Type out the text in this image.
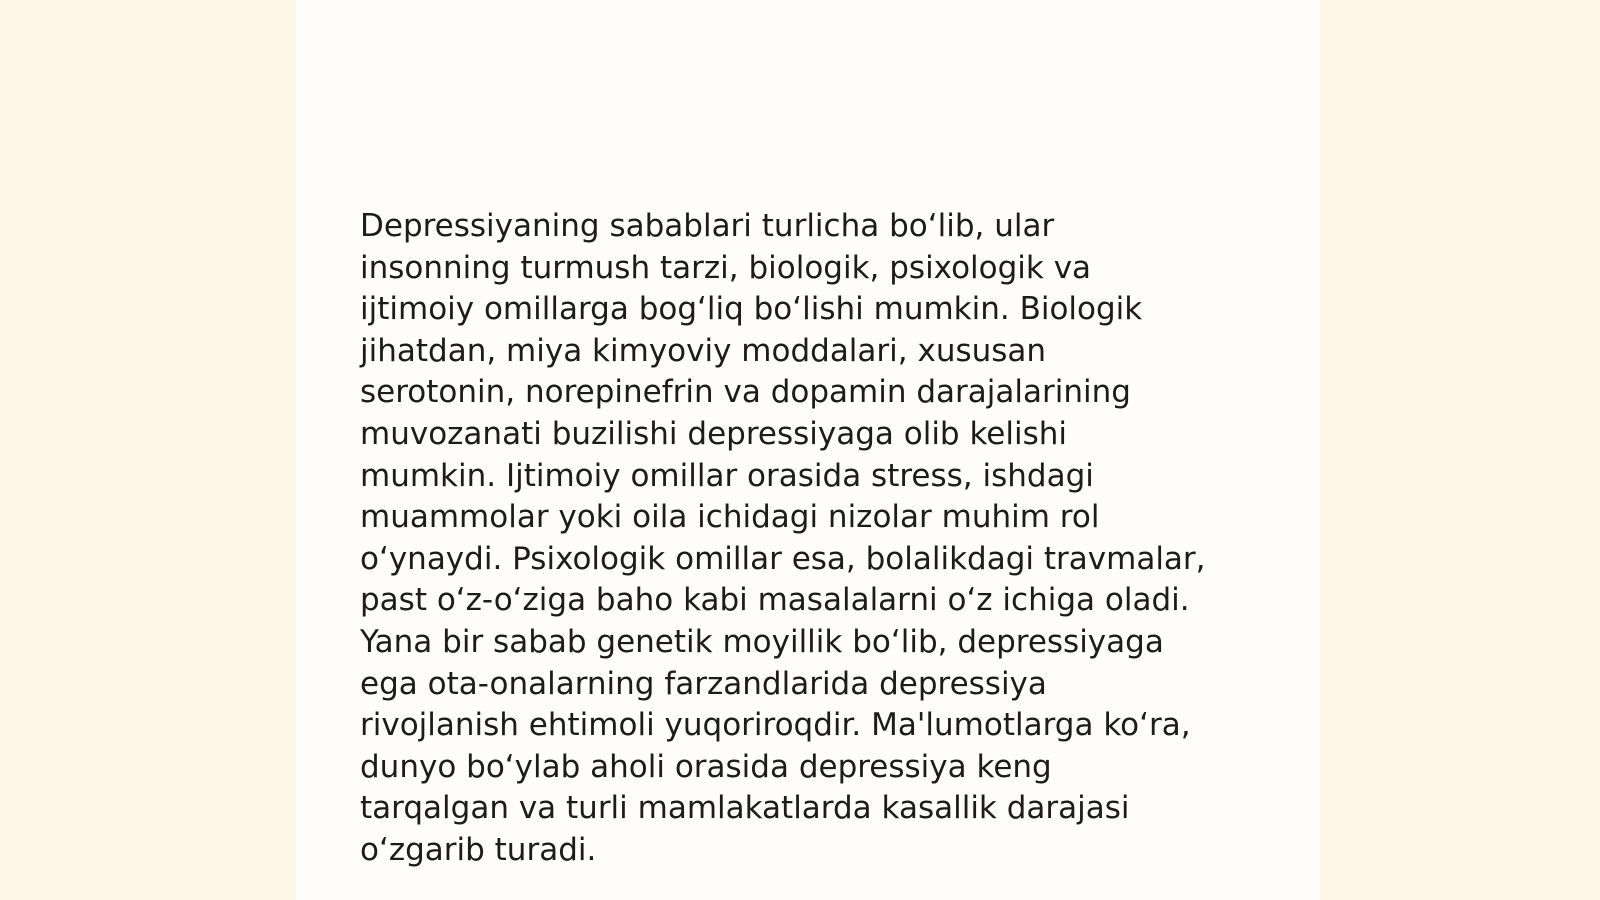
Depressiyaning sabablari turlicha bo‘lib, ular
insonning turmush tarzi, biologik, psixologik va
ijtimoiy omillarga bog‘liq bo‘lishi mumkin. Biologik
jihatdan, miya kimyoviy moddalari, xususan
serotonin, norepinefrin va dopamin darajalarining
muvozanati buzilishi depressiyaga olib kelishi
mumkin. Ijtimoiy omillar orasida stress, ishdagi
muammolar yoki oila ichidagi nizolar muhim rol
o‘ynaydi. Psixologik omillar esa, bolalikdagi travmalar,
past o‘z-o‘ziga baho kabi masalalarni o‘z ichiga oladi.
Yana bir sabab genetik moyillik bo‘lib, depressiyaga
ega ota-onalarning farzandlarida depressiya
rivojlanish ehtimoli yuqoriroqdir. Ma'lumotlarga ko‘ra,
dunyo bo‘ylab aholi orasida depressiya keng
tarqalgan va turli mamlakatlarda kasallik darajasi
o‘zgarib turadi.
